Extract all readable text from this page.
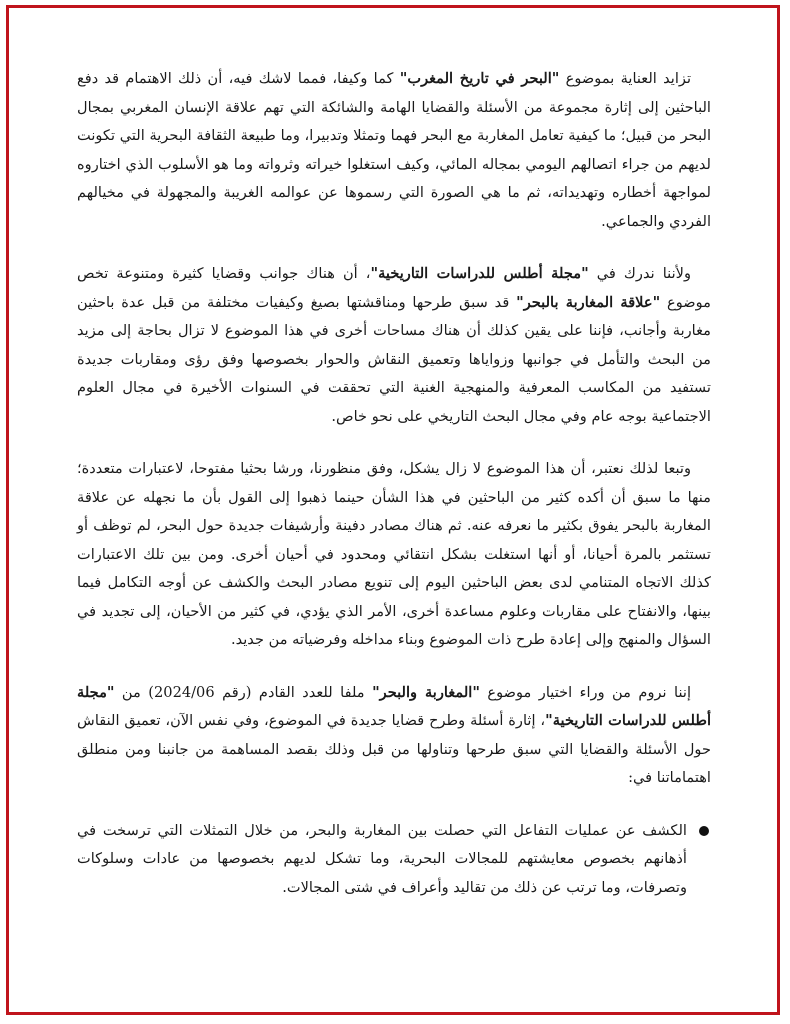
تزايد العناية بموضوع "البحر في تاريخ المغرب" كما وكيفا، فمما لاشك فيه، أن ذلك الاهتمام قد دفع الباحثين إلى إثارة مجموعة من الأسئلة والقضايا الهامة والشائكة التي تهم علاقة الإنسان المغربي بمجال البحر من قبيل؛ ما كيفية تعامل المغاربة مع البحر فهما وتمثلا وتدبيرا، وما طبيعة الثقافة البحرية التي تكونت لديهم من جراء اتصالهم اليومي بمجاله المائي، وكيف استغلوا خيراته وثرواته وما هو الأسلوب الذي اختاروه لمواجهة أخطاره وتهديداته، ثم ما هي الصورة التي رسموها عن عوالمه الغريبة والمجهولة في مخيالهم الفردي والجماعي.

ولأننا ندرك في "مجلة أطلس للدراسات التاريخية"، أن هناك جوانب وقضايا كثيرة ومتنوعة تخص موضوع "علاقة المغاربة بالبحر" قد سبق طرحها ومناقشتها بصيغ وكيفيات مختلفة من قبل عدة باحثين مغاربة وأجانب، فإننا على يقين كذلك أن هناك مساحات أخرى في هذا الموضوع لا تزال بحاجة إلى مزيد من البحث والتأمل في جوانبها وزواياها وتعميق النقاش والحوار بخصوصها وفق رؤى ومقاربات جديدة تستفيد من المكاسب المعرفية والمنهجية الغنية التي تحققت في السنوات الأخيرة في مجال العلوم الاجتماعية بوجه عام وفي مجال البحث التاريخي على نحو خاص.

وتبعا لذلك نعتبر، أن هذا الموضوع لا زال يشكل، وفق منظورنا، ورشا بحثيا مفتوحا، لاعتبارات متعددة؛ منها ما سبق أن أكده كثير من الباحثين في هذا الشأن حينما ذهبوا إلى القول بأن ما نجهله عن علاقة المغاربة بالبحر يفوق بكثير ما نعرفه عنه. ثم هناك مصادر دفينة وأرشيفات جديدة حول البحر، لم توظف أو تستثمر بالمرة أحيانا، أو أنها استغلت بشكل انتقائي ومحدود في أحيان أخرى. ومن بين تلك الاعتبارات كذلك الاتجاه المتنامي لدى بعض الباحثين اليوم إلى تنويع مصادر البحث والكشف عن أوجه التكامل فيما بينها، والانفتاح على مقاربات وعلوم مساعدة أخرى، الأمر الذي يؤدي، في كثير من الأحيان، إلى تجديد في السؤال والمنهج وإلى إعادة طرح ذات الموضوع وبناء مداخله وفرضياته من جديد.

إننا نروم من وراء اختيار موضوع "المغاربة والبحر" ملفا للعدد القادم (رقم 2024/06) من "مجلة أطلس للدراسات التاريخية"، إثارة أسئلة وطرح قضايا جديدة في الموضوع، وفي نفس الآن، تعميق النقاش حول الأسئلة والقضايا التي سبق طرحها وتناولها من قبل وذلك بقصد المساهمة من جانبنا ومن منطلق اهتماماتنا في:

الكشف عن عمليات التفاعل التي حصلت بين المغاربة والبحر، من خلال التمثلات التي ترسخت في أذهانهم بخصوص معايشتهم للمجالات البحرية، وما تشكل لديهم بخصوصها من عادات وسلوكات وتصرفات، وما ترتب عن ذلك من تقاليد وأعراف في شتى المجالات.
